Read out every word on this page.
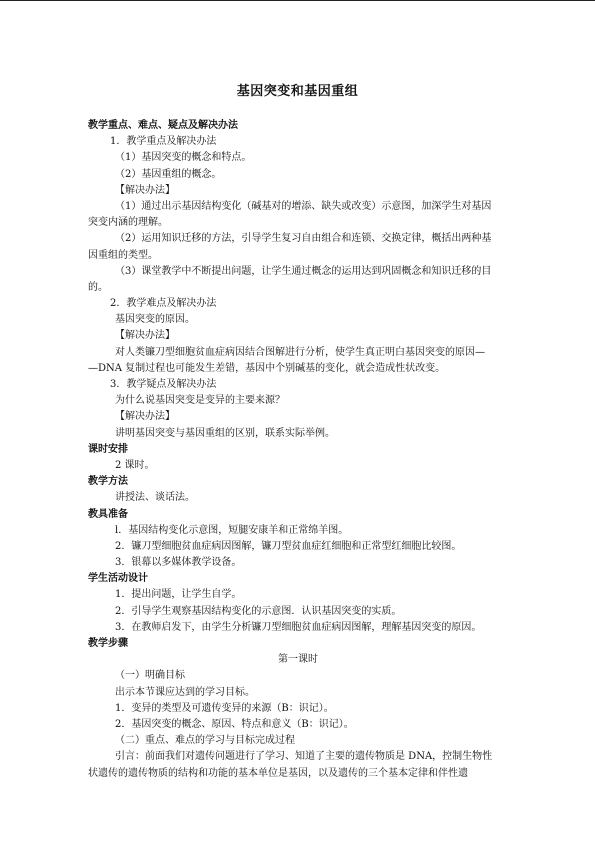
基因突变和基因重组
教学重点、难点、疑点及解决办法
1．教学重点及解决办法
（1）基因突变的概念和特点。
（2）基因重组的概念。
【解决办法】
（1）通过出示基因结构变化（碱基对的增添、缺失或改变）示意图，加深学生对基因
突变内涵的理解。
（2）运用知识迁移的方法，引导学生复习自由组合和连锁、交换定律，概括出两种基
因重组的类型。
（3）课堂教学中不断提出问题，让学生通过概念的运用达到巩固概念和知识迁移的目
的。
2．教学难点及解决办法
基因突变的原因。
【解决办法】
对人类镰刀型细胞贫血症病因结合图解进行分析，使学生真正明白基因突变的原因—
—DNA 复制过程也可能发生差错，基因中个别碱基的变化，就会造成性状改变。
3．教学疑点及解决办法
为什么说基因突变是变异的主要来源？
【解决办法】
讲明基因突变与基因重组的区别，联系实际举例。
课时安排
2 课时。
教学方法
讲授法、谈话法。
教具准备
l．基因结构变化示意图，短腿安康羊和正常绵羊图。
2．镰刀型细胞贫血症病因图解，镰刀型贫血症红细胞和正常型红细胞比较图。
3．银幕以多媒体教学设备。
学生活动设计
1．提出问题，让学生自学。
2．引导学生观察基因结构变化的示意图．认识基因突变的实质。
3．在教师启发下，由学生分析镰刀型细胞贫血症病因图解，理解基因突变的原因。
教学步骤
第一课时
（一）明确目标
出示本节课应达到的学习目标。
1．变异的类型及可遗传变异的来源（B：识记）。
2．基因突变的概念、原因、特点和意义（B：识记）。
（二）重点、难点的学习与目标完成过程
引言：前面我们对遗传问题进行了学习、知道了主要的遗传物质是 DNA，控制生物性
状遗传的遗传物质的结构和功能的基本单位是基因，以及遗传的三个基本定律和伴性遗
